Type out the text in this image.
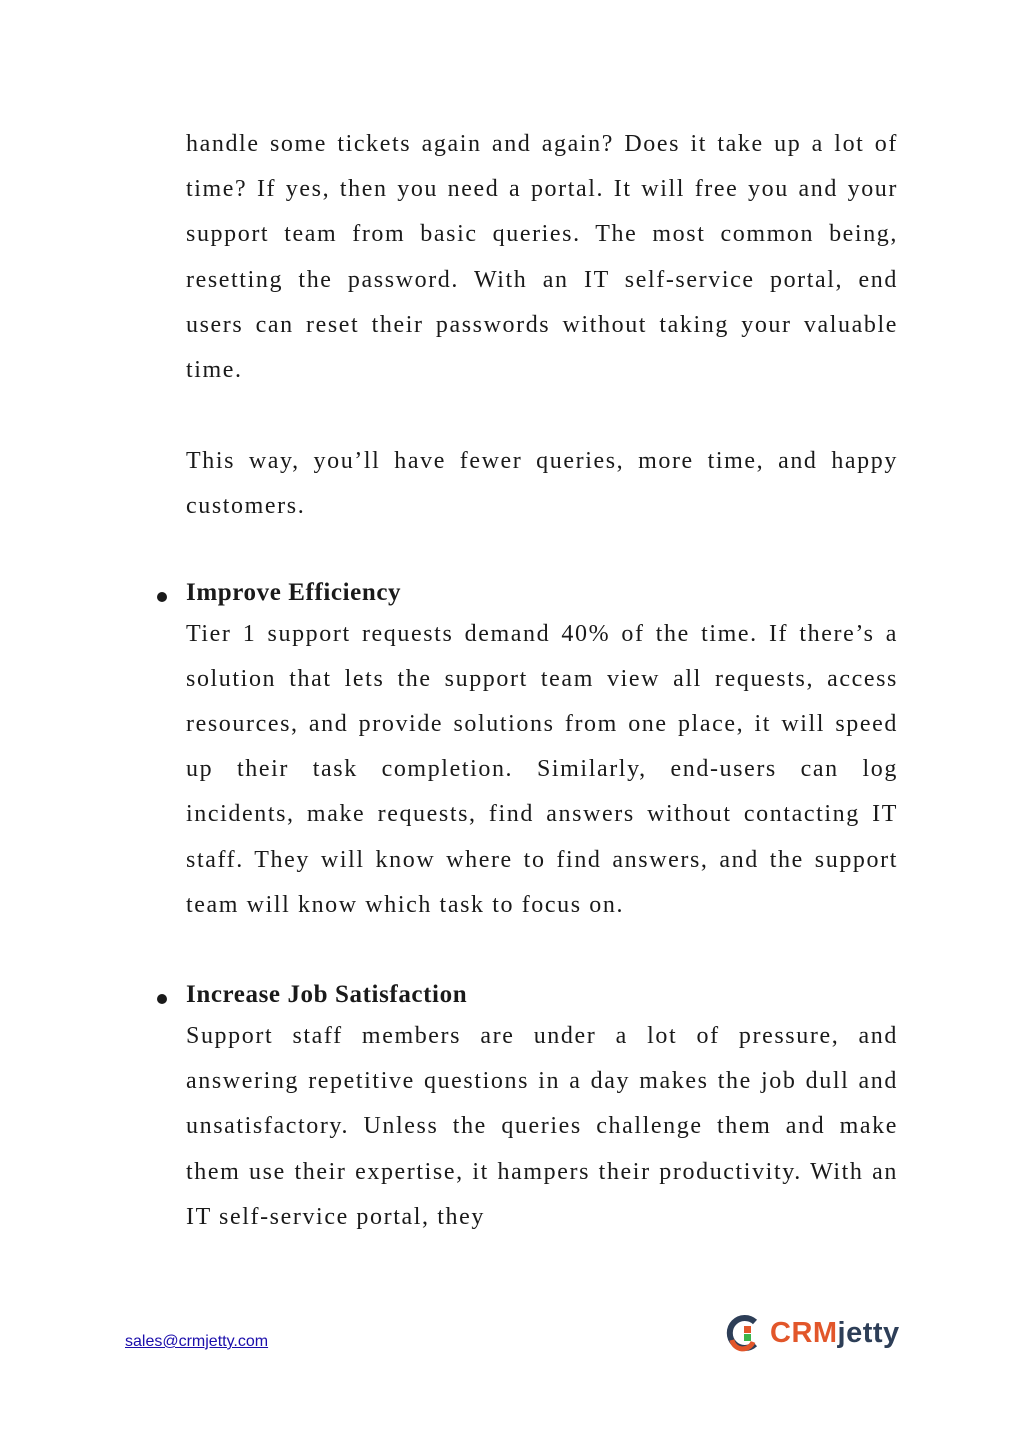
handle some tickets again and again? Does it take up a lot of time? If yes, then you need a portal. It will free you and your support team from basic queries. The most common being, resetting the password. With an IT self-service portal, end users can reset their passwords without taking your valuable time.

This way, you’ll have fewer queries, more time, and happy customers.

Improve Efficiency

Tier 1 support requests demand 40% of the time. If there’s a solution that lets the support team view all requests, access resources, and provide solutions from one place, it will speed up their task completion. Similarly, end-users can log incidents, make requests, find answers without contacting IT staff. They will know where to find answers, and the support team will know which task to focus on.

Increase Job Satisfaction

Support staff members are under a lot of pressure, and answering repetitive questions in a day makes the job dull and unsatisfactory. Unless the queries challenge them and make them use their expertise, it hampers their productivity. With an IT self-service portal, they

sales@crmjetty.com	CRMjetty
